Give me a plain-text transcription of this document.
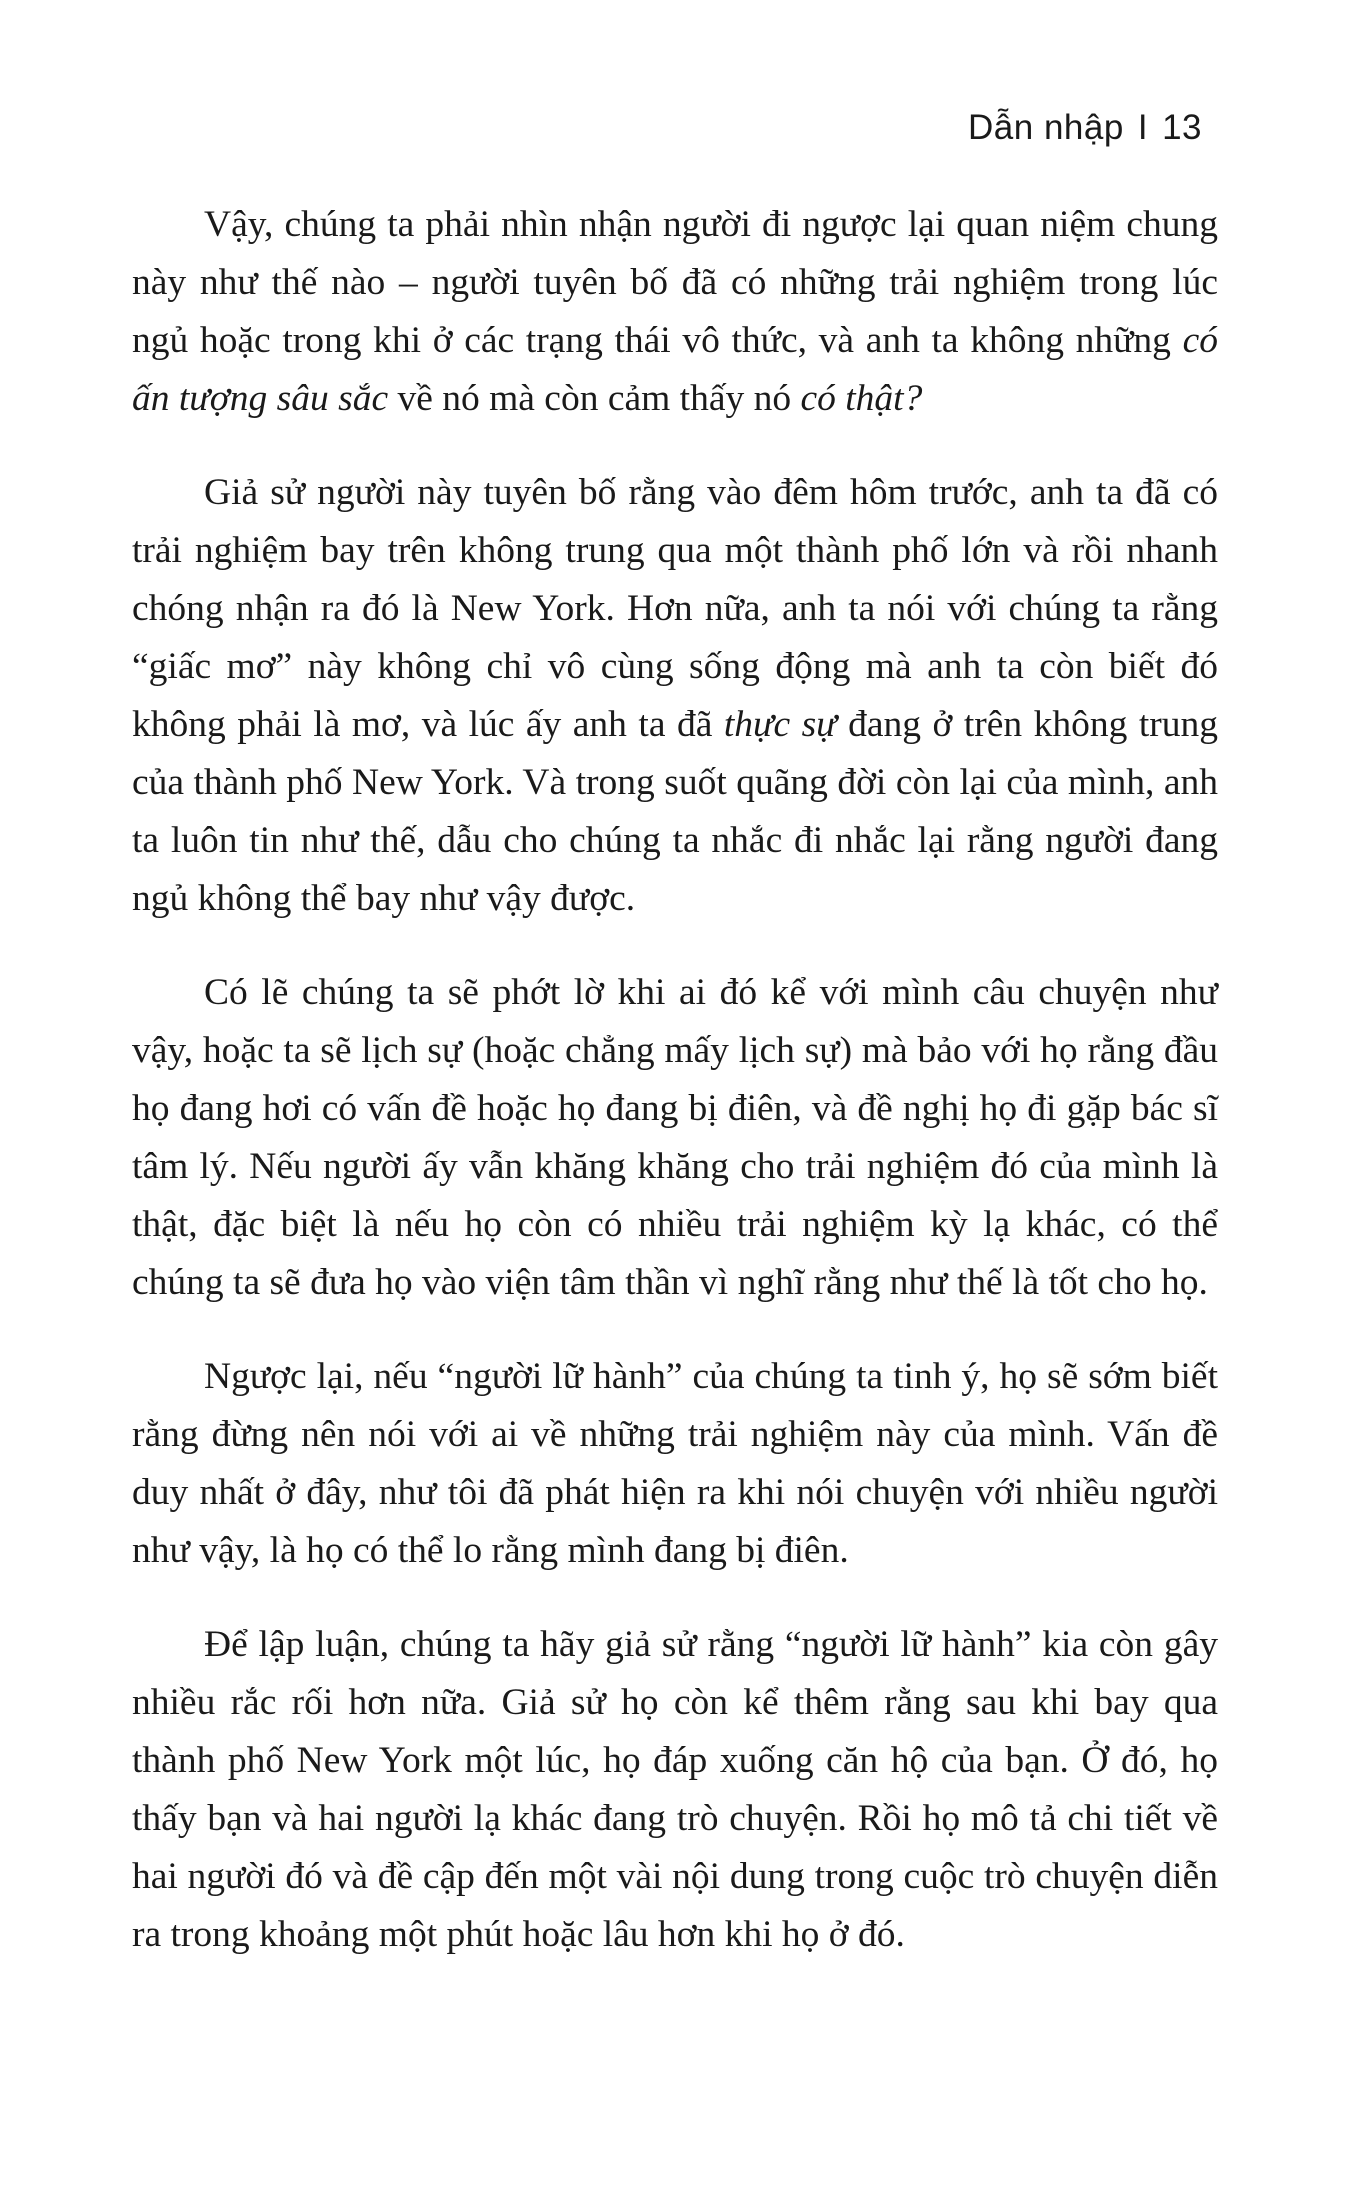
Dẫn nhập I 13

Vậy, chúng ta phải nhìn nhận người đi ngược lại quan niệm chung này như thế nào – người tuyên bố đã có những trải nghiệm trong lúc ngủ hoặc trong khi ở các trạng thái vô thức, và anh ta không những có ấn tượng sâu sắc về nó mà còn cảm thấy nó có thật?

Giả sử người này tuyên bố rằng vào đêm hôm trước, anh ta đã có trải nghiệm bay trên không trung qua một thành phố lớn và rồi nhanh chóng nhận ra đó là New York. Hơn nữa, anh ta nói với chúng ta rằng “giấc mơ” này không chỉ vô cùng sống động mà anh ta còn biết đó không phải là mơ, và lúc ấy anh ta đã thực sự đang ở trên không trung của thành phố New York. Và trong suốt quãng đời còn lại của mình, anh ta luôn tin như thế, dẫu cho chúng ta nhắc đi nhắc lại rằng người đang ngủ không thể bay như vậy được.

Có lẽ chúng ta sẽ phớt lờ khi ai đó kể với mình câu chuyện như vậy, hoặc ta sẽ lịch sự (hoặc chẳng mấy lịch sự) mà bảo với họ rằng đầu họ đang hơi có vấn đề hoặc họ đang bị điên, và đề nghị họ đi gặp bác sĩ tâm lý. Nếu người ấy vẫn khăng khăng cho trải nghiệm đó của mình là thật, đặc biệt là nếu họ còn có nhiều trải nghiệm kỳ lạ khác, có thể chúng ta sẽ đưa họ vào viện tâm thần vì nghĩ rằng như thế là tốt cho họ.

Ngược lại, nếu “người lữ hành” của chúng ta tinh ý, họ sẽ sớm biết rằng đừng nên nói với ai về những trải nghiệm này của mình. Vấn đề duy nhất ở đây, như tôi đã phát hiện ra khi nói chuyện với nhiều người như vậy, là họ có thể lo rằng mình đang bị điên.

Để lập luận, chúng ta hãy giả sử rằng “người lữ hành” kia còn gây nhiều rắc rối hơn nữa. Giả sử họ còn kể thêm rằng sau khi bay qua thành phố New York một lúc, họ đáp xuống căn hộ của bạn. Ở đó, họ thấy bạn và hai người lạ khác đang trò chuyện. Rồi họ mô tả chi tiết về hai người đó và đề cập đến một vài nội dung trong cuộc trò chuyện diễn ra trong khoảng một phút hoặc lâu hơn khi họ ở đó.
